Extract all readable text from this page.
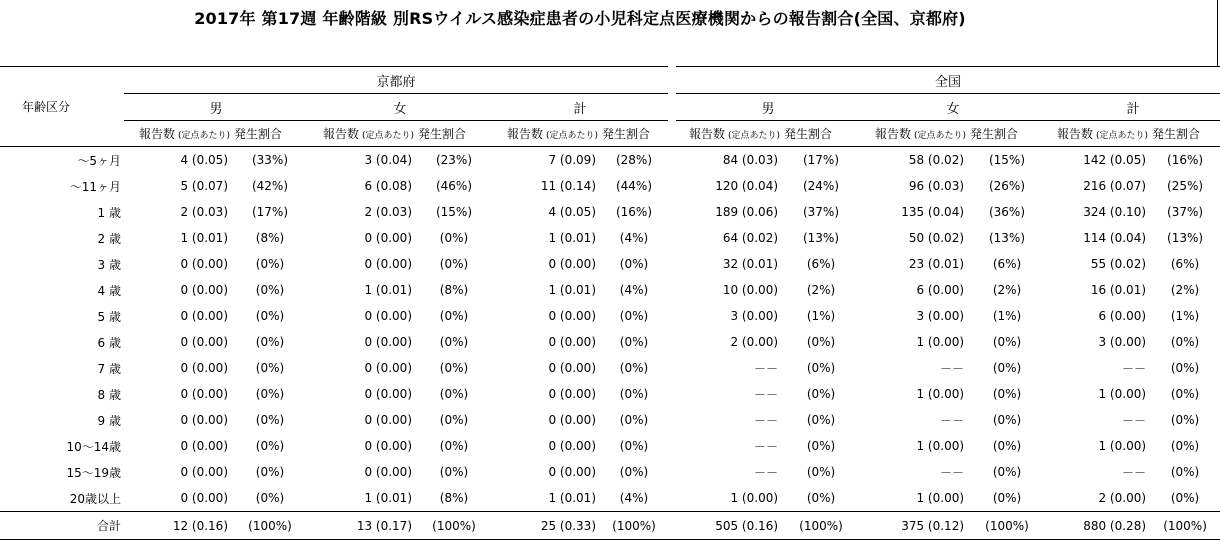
2017年 第17週 年齢階級 別RSウイルス感染症患者の小児科定点医療機関からの報告割合(全国、京都府)
年齢区分	京都府							全国					
	男		女		計			男		女		計	
	報告数 (定点あたり)	発生割合	報告数 (定点あたり)	発生割合	報告数 (定点あたり)	発生割合		報告数 (定点あたり)	発生割合	報告数 (定点あたり)	発生割合	報告数 (定点あたり)	発生割合
～5ヶ月	4 (0.05)	(33%)	3 (0.04)	(23%)	7 (0.09)	(28%)		84 (0.03)	(17%)	58 (0.02)	(15%)	142 (0.05)	(16%)
～11ヶ月	5 (0.07)	(42%)	6 (0.08)	(46%)	11 (0.14)	(44%)		120 (0.04)	(24%)	96 (0.03)	(26%)	216 (0.07)	(25%)
1 歳	2 (0.03)	(17%)	2 (0.03)	(15%)	4 (0.05)	(16%)		189 (0.06)	(37%)	135 (0.04)	(36%)	324 (0.10)	(37%)
2 歳	1 (0.01)	(8%)	0 (0.00)	(0%)	1 (0.01)	(4%)		64 (0.02)	(13%)	50 (0.02)	(13%)	114 (0.04)	(13%)
3 歳	0 (0.00)	(0%)	0 (0.00)	(0%)	0 (0.00)	(0%)		32 (0.01)	(6%)	23 (0.01)	(6%)	55 (0.02)	(6%)
4 歳	0 (0.00)	(0%)	1 (0.01)	(8%)	1 (0.01)	(4%)		10 (0.00)	(2%)	6 (0.00)	(2%)	16 (0.01)	(2%)
5 歳	0 (0.00)	(0%)	0 (0.00)	(0%)	0 (0.00)	(0%)		3 (0.00)	(1%)	3 (0.00)	(1%)	6 (0.00)	(1%)
6 歳	0 (0.00)	(0%)	0 (0.00)	(0%)	0 (0.00)	(0%)		2 (0.00)	(0%)	1 (0.00)	(0%)	3 (0.00)	(0%)
7 歳	0 (0.00)	(0%)	0 (0.00)	(0%)	0 (0.00)	(0%)		－－	(0%)	－－	(0%)	－－	(0%)
8 歳	0 (0.00)	(0%)	0 (0.00)	(0%)	0 (0.00)	(0%)		－－	(0%)	1 (0.00)	(0%)	1 (0.00)	(0%)
9 歳	0 (0.00)	(0%)	0 (0.00)	(0%)	0 (0.00)	(0%)		－－	(0%)	－－	(0%)	－－	(0%)
10～14歳	0 (0.00)	(0%)	0 (0.00)	(0%)	0 (0.00)	(0%)		－－	(0%)	1 (0.00)	(0%)	1 (0.00)	(0%)
15～19歳	0 (0.00)	(0%)	0 (0.00)	(0%)	0 (0.00)	(0%)		－－	(0%)	－－	(0%)	－－	(0%)
20歳以上	0 (0.00)	(0%)	1 (0.01)	(8%)	1 (0.01)	(4%)		1 (0.00)	(0%)	1 (0.00)	(0%)	2 (0.00)	(0%)
合計	12 (0.16)	(100%)	13 (0.17)	(100%)	25 (0.33)	(100%)		505 (0.16)	(100%)	375 (0.12)	(100%)	880 (0.28)	(100%)
